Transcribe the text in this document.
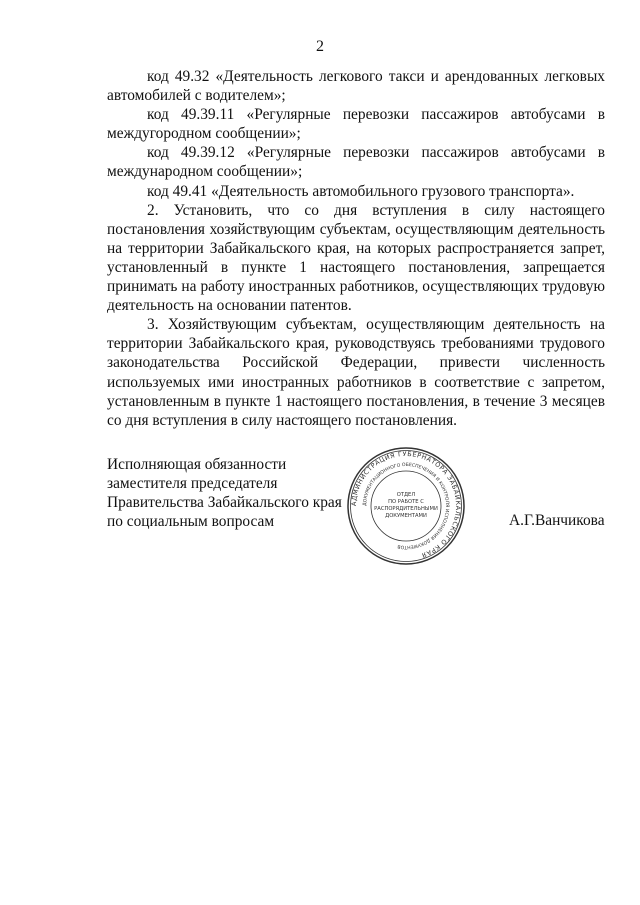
2

код 49.32 «Деятельность легкового такси и арендованных легковых автомобилей с водителем»;

код 49.39.11 «Регулярные перевозки пассажиров автобусами в междугородном сообщении»;

код 49.39.12 «Регулярные перевозки пассажиров автобусами в международном сообщении»;

код 49.41 «Деятельность автомобильного грузового транспорта».

2. Установить, что со дня вступления в силу настоящего постановления хозяйствующим субъектам, осуществляющим деятельность на территории Забайкальского края, на которых распространяется запрет, установленный в пункте 1 настоящего постановления, запрещается принимать на работу иностранных работников, осуществляющих трудовую деятельность на основании патентов.

3. Хозяйствующим субъектам, осуществляющим деятельность на территории Забайкальского края, руководствуясь требованиями трудового законодательства Российской Федерации, привести численность используемых ими иностранных работников в соответствие с запретом, установленным в пункте 1 настоящего постановления, в течение 3 месяцев со дня вступления в силу настоящего постановления.

Исполняющая обязанности
заместителя председателя
Правительства Забайкальского края
по социальным вопросам	А.Г.Ванчикова
АДМИНИСТРАЦИЯ ГУБЕРНАТОРА ЗАБАЙКАЛЬСКОГО КРАЯ
ДОКУМЕНТАЦИОННОГО ОБЕСПЕЧЕНИЯ И КОНТРОЛЯ ИСПОЛНЕНИЯ ДОКУМЕНТОВ
ОТДЕЛ
ПО РАБОТЕ С
РАСПОРЯДИТЕЛЬНЫМИ
ДОКУМЕНТАМИ
